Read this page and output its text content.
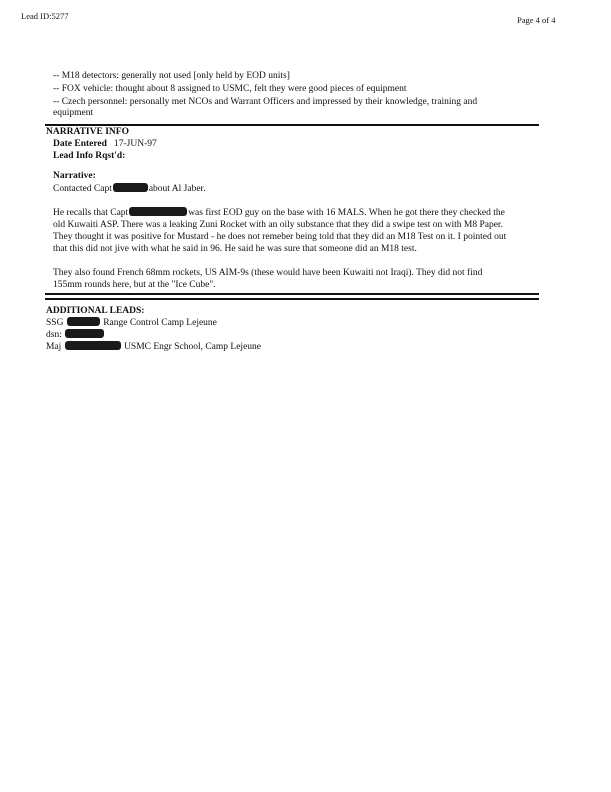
Lead ID:5277	Page 4 of 4
-- M18 detectors: generally not used [only held by EOD units]
-- FOX vehicle: thought about 8 assigned to USMC, felt they were good pieces of equipment
-- Czech personnel: personally met NCOs and Warrant Officers and impressed by their knowledge, training and
equipment
NARRATIVE INFO
Date Entered 17-JUN-97
Lead Info Rqst'd:
Narrative:
Contacted Capt	about Al Jaber.
He recalls that Capt	was first EOD guy on the base with 16 MALS. When he got there they checked the
old Kuwaiti ASP. There was a leaking Zuni Rocket with an oily substance that they did a swipe test on with M8 Paper.
They thought it was positive for Mustard - he does not remeber being told that they did an M18 Test on it. I pointed out
that this did not jive with what he said in 96. He said he was sure that someone did an M18 test.
They also found French 68mm rockets, US AIM-9s (these would have been Kuwaiti not Iraqi). They did not find
155mm rounds here, but at the "Ice Cube".
ADDITIONAL LEADS:
SSG	Range Control Camp Lejeune
dsn:
Maj	USMC Engr School, Camp Lejeune
